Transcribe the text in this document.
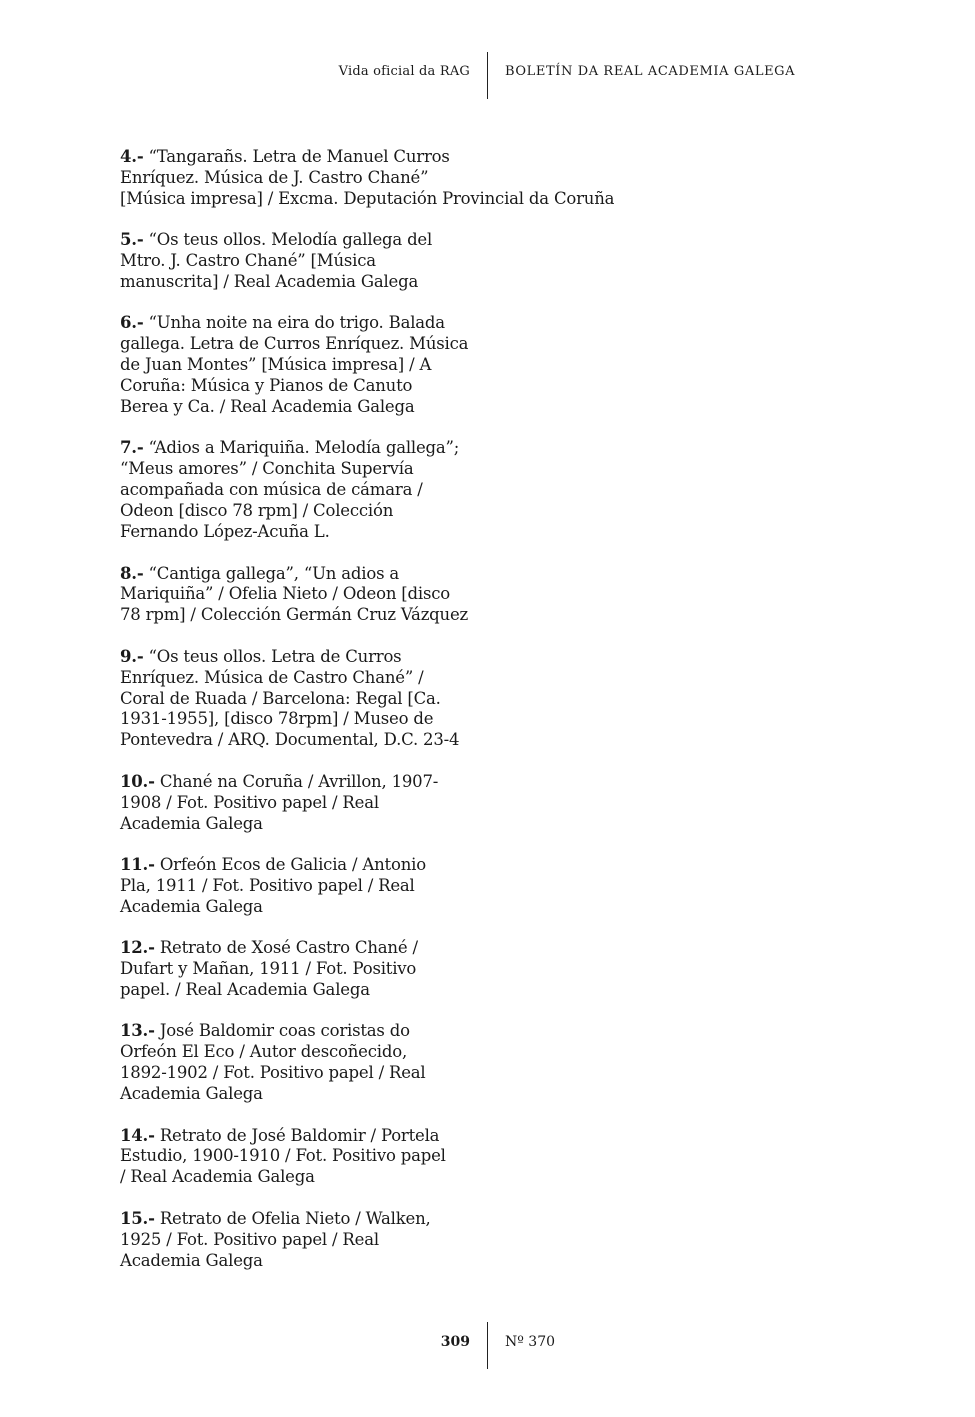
Vida oficial da RAG	BOLETÍN DA REAL ACADEMIA GALEGA
4.- “Tangarañs. Letra de Manuel Curros
Enríquez. Música de J. Castro Chané”
[Música impresa] / Excma. Deputación Provincial da Coruña
5.- “Os teus ollos. Melodía gallega del
Mtro. J. Castro Chané” [Música
manuscrita] / Real Academia Galega
6.- “Unha noite na eira do trigo. Balada
gallega. Letra de Curros Enríquez. Música
de Juan Montes” [Música impresa] / A
Coruña: Música y Pianos de Canuto
Berea y Ca. / Real Academia Galega
7.- “Adios a Mariquiña. Melodía gallega”;
“Meus amores” / Conchita Supervía
acompañada con música de cámara /
Odeon [disco 78 rpm] / Colección
Fernando López-Acuña L.
8.- “Cantiga gallega”, “Un adios a
Mariquiña” / Ofelia Nieto / Odeon [disco
78 rpm] / Colección Germán Cruz Vázquez
9.- “Os teus ollos. Letra de Curros
Enríquez. Música de Castro Chané” /
Coral de Ruada / Barcelona: Regal [Ca.
1931-1955], [disco 78rpm] / Museo de
Pontevedra / ARQ. Documental, D.C. 23-4
10.- Chané na Coruña / Avrillon, 1907-
1908 / Fot. Positivo papel / Real
Academia Galega
11.- Orfeón Ecos de Galicia / Antonio
Pla, 1911 / Fot. Positivo papel / Real
Academia Galega
12.- Retrato de Xosé Castro Chané /
Dufart y Mañan, 1911 / Fot. Positivo
papel. / Real Academia Galega
13.- José Baldomir coas coristas do
Orfeón El Eco / Autor descoñecido,
1892-1902 / Fot. Positivo papel / Real
Academia Galega
14.- Retrato de José Baldomir / Portela
Estudio, 1900-1910 / Fot. Positivo papel
/ Real Academia Galega
15.- Retrato de Ofelia Nieto / Walken,
1925 / Fot. Positivo papel / Real
Academia Galega
309	Nº 370
